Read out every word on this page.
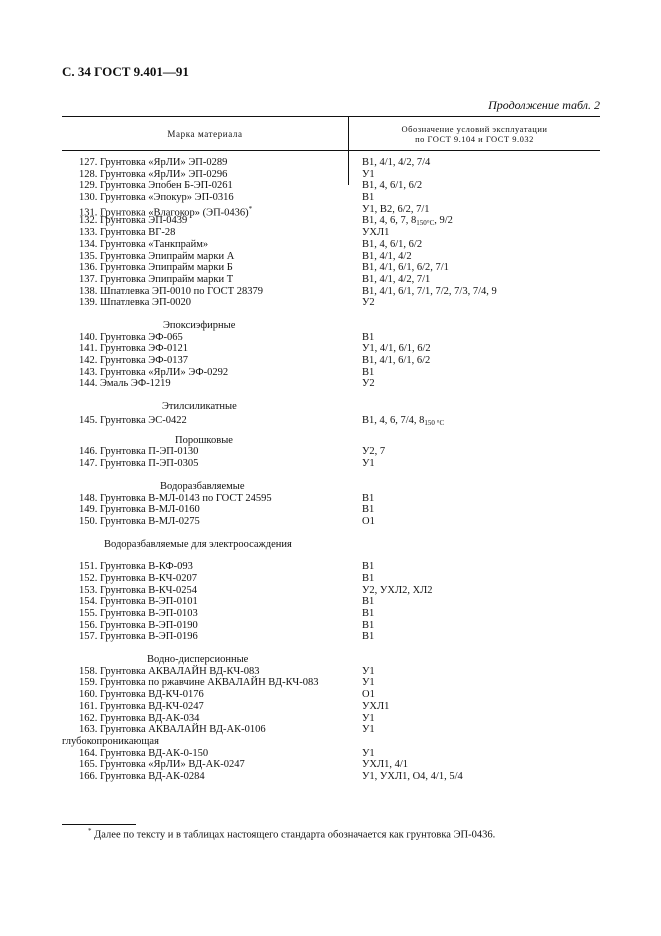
С. 34 ГОСТ 9.401—91
Продолжение табл. 2
Марка материала	Обозначение условий эксплуатации
по ГОСТ 9.104 и ГОСТ 9.032
127. Грунтовка «ЯрЛИ» ЭП-0289	В1, 4/1, 4/2, 7/4
128. Грунтовка «ЯрЛИ» ЭП-0296	У1
129. Грунтовка Эпобен Б-ЭП-0261	В1, 4, 6/1, 6/2
130. Грунтовка «Эпокур» ЭП-0316	В1
131. Грунтовка «Влагокор» (ЭП-0436)*	У1, В2, 6/2, 7/1
132. Грунтовка ЭП-0439	В1, 4, 6, 7, $8_{150^\circ С}$, 9/2
133. Грунтовка ВГ-28	УХЛ1
134. Грунтовка «Танкпрайм»	В1, 4, 6/1, 6/2
135. Грунтовка Эпипрайм марки А	В1, 4/1, 4/2
136. Грунтовка Эпипрайм марки Б	В1, 4/1, 6/1, 6/2, 7/1
137. Грунтовка Эпипрайм марки Т	В1, 4/1, 4/2, 7/1
138. Шпатлевка ЭП-0010 по ГОСТ 28379	В1, 4/1, 6/1, 7/1, 7/2, 7/3, 7/4, 9
139. Шпатлевка ЭП-0020	У2
Эпоксиэфирные
140. Грунтовка ЭФ-065	В1
141. Грунтовка ЭФ-0121	У1, 4/1, 6/1, 6/2
142. Грунтовка ЭФ-0137	В1, 4/1, 6/1, 6/2
143. Грунтовка «ЯрЛИ» ЭФ-0292	В1
144. Эмаль ЭФ-1219	У2
Этилсиликатные
145. Грунтовка ЭС-0422	В1, 4, 6, 7/4, $8_{150 ^\circ С}$
Порошковые
146. Грунтовка П-ЭП-0130	У2, 7
147. Грунтовка П-ЭП-0305	У1
Водоразбавляемые
148. Грунтовка В-МЛ-0143 по ГОСТ 24595	В1
149. Грунтовка В-МЛ-0160	В1
150. Грунтовка В-МЛ-0275	О1
Водоразбавляемые для электроосаждения
151. Грунтовка В-КФ-093	В1
152. Грунтовка В-КЧ-0207	В1
153. Грунтовка В-КЧ-0254	У2, УХЛ2, ХЛ2
154. Грунтовка В-ЭП-0101	В1
155. Грунтовка В-ЭП-0103	В1
156. Грунтовка В-ЭП-0190	В1
157. Грунтовка В-ЭП-0196	В1
Водно-дисперсионные
158. Грунтовка АКВАЛАЙН ВД-КЧ-083	У1
159. Грунтовка по ржавчине АКВАЛАЙН ВД-КЧ-083	У1
160. Грунтовка ВД-КЧ-0176	О1
161. Грунтовка ВД-КЧ-0247	УХЛ1
162. Грунтовка ВД-АК-034	У1
163. Грунтовка АКВАЛАЙН ВД-АК-0106	У1
глубокопроникающая
164. Грунтовка ВД-АК-0-150	У1
165. Грунтовка «ЯрЛИ» ВД-АК-0247	УХЛ1, 4/1
166. Грунтовка ВД-АК-0284	У1, УХЛ1, О4, 4/1, 5/4
* Далее по тексту и в таблицах настоящего стандарта обозначается как грунтовка ЭП-0436.
